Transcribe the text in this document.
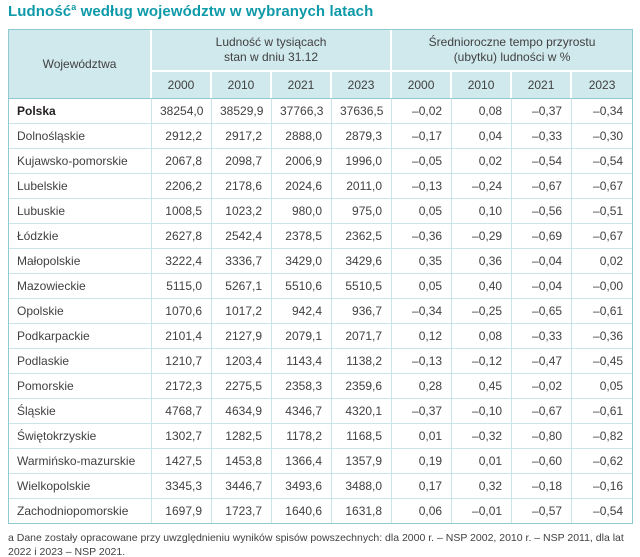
Ludność$^a$ według województw w wybranych latach
Województwa	Ludność w tysiącach
stan w dniu 31.12				Średnioroczne tempo przyrostu
(ubytku) ludności w %			
	2000	2010	2021	2023	2000	2010	2021	2023
Polska	38254,0	38529,9	37766,3	37636,5	–0,02	0,08	–0,37	–0,34
Dolnośląskie	2912,2	2917,2	2888,0	2879,3	–0,17	0,04	–0,33	–0,30
Kujawsko-pomorskie	2067,8	2098,7	2006,9	1996,0	–0,05	0,02	–0,54	–0,54
Lubelskie	2206,2	2178,6	2024,6	2011,0	–0,13	–0,24	–0,67	–0,67
Lubuskie	1008,5	1023,2	980,0	975,0	0,05	0,10	–0,56	–0,51
Łódzkie	2627,8	2542,4	2378,5	2362,5	–0,36	–0,29	–0,69	–0,67
Małopolskie	3222,4	3336,7	3429,0	3429,6	0,35	0,36	–0,04	0,02
Mazowieckie	5115,0	5267,1	5510,6	5510,5	0,05	0,40	–0,04	–0,00
Opolskie	1070,6	1017,2	942,4	936,7	–0,34	–0,25	–0,65	–0,61
Podkarpackie	2101,4	2127,9	2079,1	2071,7	0,12	0,08	–0,33	–0,36
Podlaskie	1210,7	1203,4	1143,4	1138,2	–0,13	–0,12	–0,47	–0,45
Pomorskie	2172,3	2275,5	2358,3	2359,6	0,28	0,45	–0,02	0,05
Śląskie	4768,7	4634,9	4346,7	4320,1	–0,37	–0,10	–0,67	–0,61
Świętokrzyskie	1302,7	1282,5	1178,2	1168,5	0,01	–0,32	–0,80	–0,82
Warmińsko-mazurskie	1427,5	1453,8	1366,4	1357,9	0,19	0,01	–0,60	–0,62
Wielkopolskie	3345,3	3446,7	3493,6	3488,0	0,17	0,32	–0,18	–0,16
Zachodniopomorskie	1697,9	1723,7	1640,6	1631,8	0,06	–0,01	–0,57	–0,54

a Dane zostały opracowane przy uwzględnieniu wyników spisów powszechnych: dla 2000 r. – NSP 2002, 2010 r. – NSP 2011, dla lat 2022 i 2023 – NSP 2021.
